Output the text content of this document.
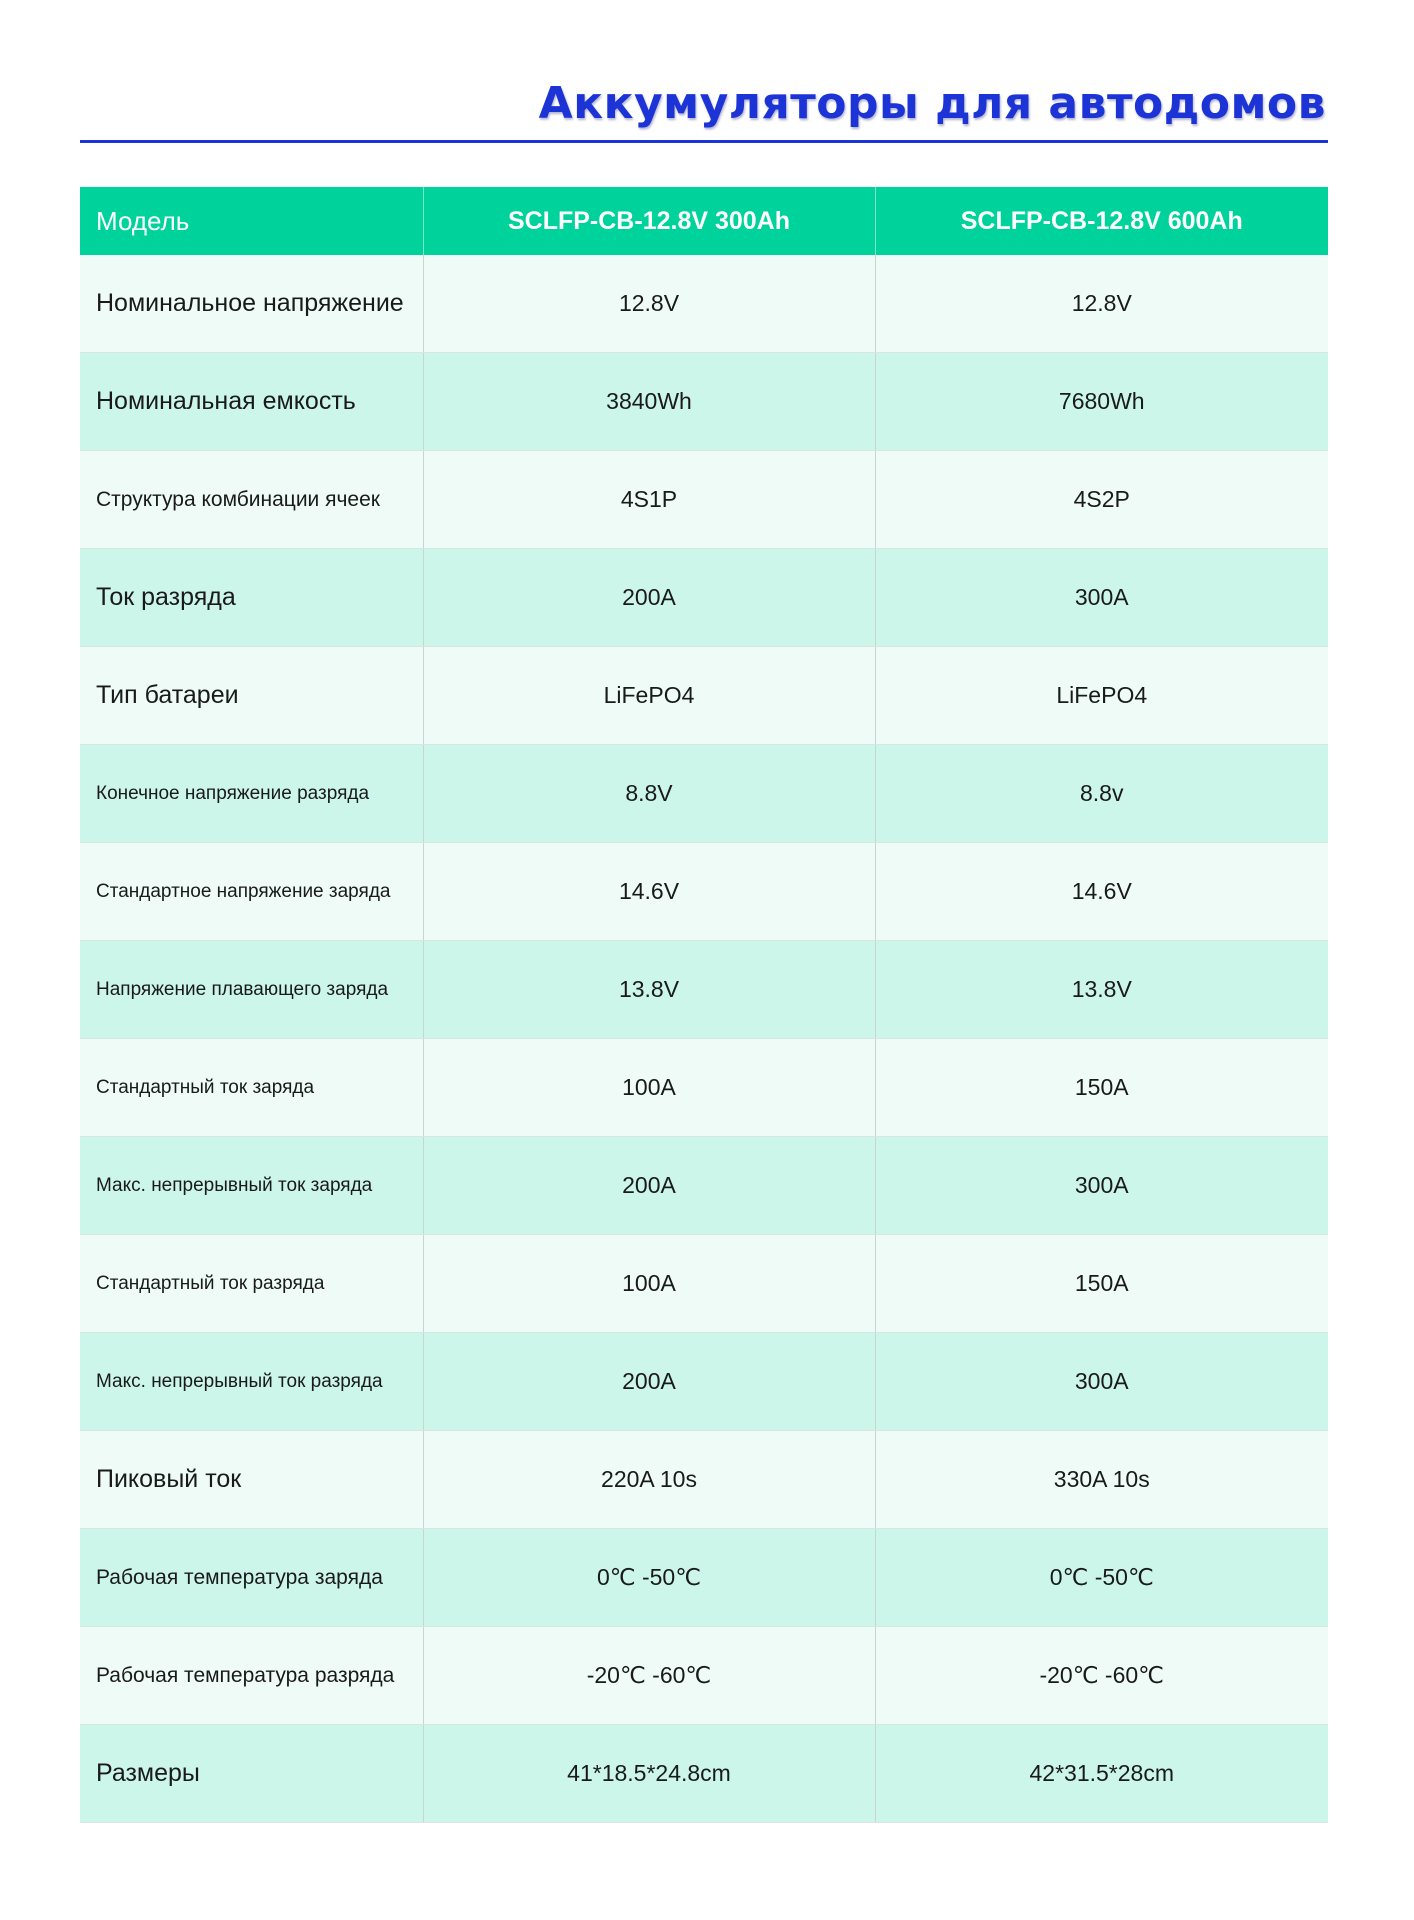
Аккумуляторы для автодомов
Модель	SCLFP-CB-12.8V 300Ah	SCLFP-CB-12.8V 600Ah
Номинальное напряжение	12.8V	12.8V
Номинальная емкость	3840Wh	7680Wh
Структура комбинации ячеек	4S1P	4S2P
Ток разряда	200A	300A
Тип батареи	LiFePO4	LiFePO4
Конечное напряжение разряда	8.8V	8.8v
Стандартное напряжение заряда	14.6V	14.6V
Напряжение плавающего заряда	13.8V	13.8V
Стандартный ток заряда	100A	150A
Макс. непрерывный ток заряда	200A	300A
Стандартный ток разряда	100A	150A
Макс. непрерывный ток разряда	200A	300A
Пиковый ток	220A 10s	330A 10s
Рабочая температура заряда	0℃ -50℃	0℃ -50℃
Рабочая температура разряда	-20℃ -60℃	-20℃ -60℃
Размеры	41*18.5*24.8cm	42*31.5*28cm
